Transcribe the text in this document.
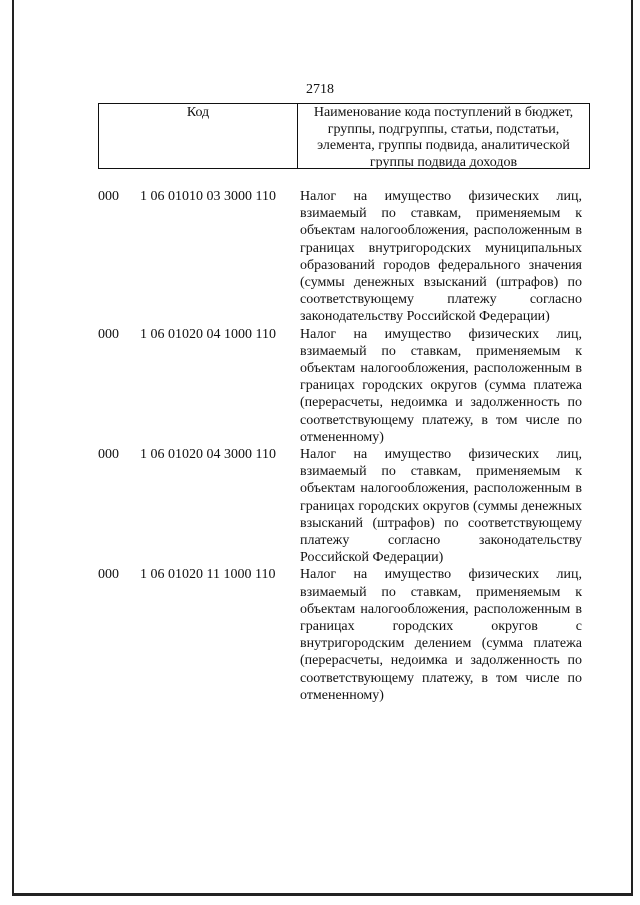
2718
Код	Наименование кода поступлений в бюджет, группы, подгруппы, статьи, подстатьи, элемента, группы подвида, аналитической группы подвида доходов
000	1 06 01010 03 3000 110	Налог на имущество физических лиц, взимаемый по ставкам, применяемым к объектам налогообложения, расположенным в границах внутригородских муниципальных образований городов федерального значения (суммы денежных взысканий (штрафов) по соответствующему платежу согласно законодательству Российской Федерации)
000	1 06 01020 04 1000 110	Налог на имущество физических лиц, взимаемый по ставкам, применяемым к объектам налогообложения, расположенным в границах городских округов (сумма платежа (перерасчеты, недоимка и задолженность по соответствующему платежу, в том числе по отмененному)
000	1 06 01020 04 3000 110	Налог на имущество физических лиц, взимаемый по ставкам, применяемым к объектам налогообложения, расположенным в границах городских округов (суммы денежных взысканий (штрафов) по соответствующему платежу согласно законодательству Российской Федерации)
000	1 06 01020 11 1000 110	Налог на имущество физических лиц, взимаемый по ставкам, применяемым к объектам налогообложения, расположенным в границах городских округов с внутригородским делением (сумма платежа (перерасчеты, недоимка и задолженность по соответствующему платежу, в том числе по отмененному)
